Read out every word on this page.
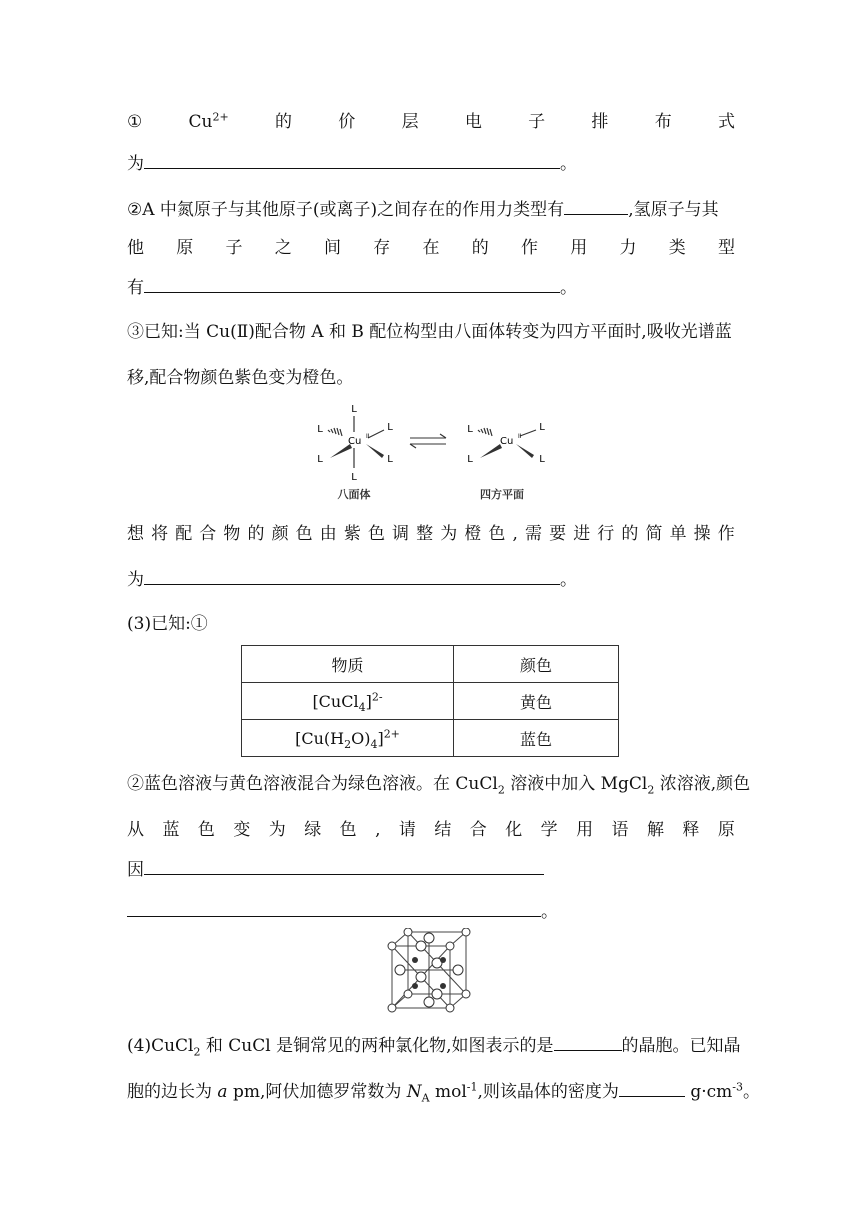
①	$Cu^{2+}$	的	价	层	电	子	排	布	式
为	。
②A 中氮原子与其他原子(或离子)之间存在的作用力类型有	,氢原子与其
他 原 子 之 间 存 在 的 作 用 力 类 型
有	。
③已知:当 Cu(Ⅱ)配合物 A 和 B 配位构型由八面体转变为四方平面时,吸收光谱蓝
移,配合物颜色紫色变为橙色。
L
L	L
L	L
L
Cu II
L	L
L	L
Cu II
八面体	四方平面
想 将 配 合 物 的 颜 色 由 紫 色 调 整 为 橙 色 , 需 要 进 行 的 简 单 操 作
为	。
(3)已知:①
物质	颜色
[CuCl$_4$]$^{2-}$	黄色
$[Cu(H_2O)_4]^{2+}$	蓝色
②蓝色溶液与黄色溶液混合为绿色溶液。在 CuCl$_2$ 溶液中加入 MgCl$_2$ 浓溶液,颜色
从 蓝 色 变 为 绿 色 , 请 结 合 化 学 用 语 解 释 原
因
。
(4)CuCl$_2$ 和 CuCl 是铜常见的两种氯化物,如图表示的是	的晶胞。已知晶
胞的边长为 a pm,阿伏加德罗常数为 $N_A$ mol$^{-1}$,则该晶体的密度为	$g\cdot cm^{-3}$。
